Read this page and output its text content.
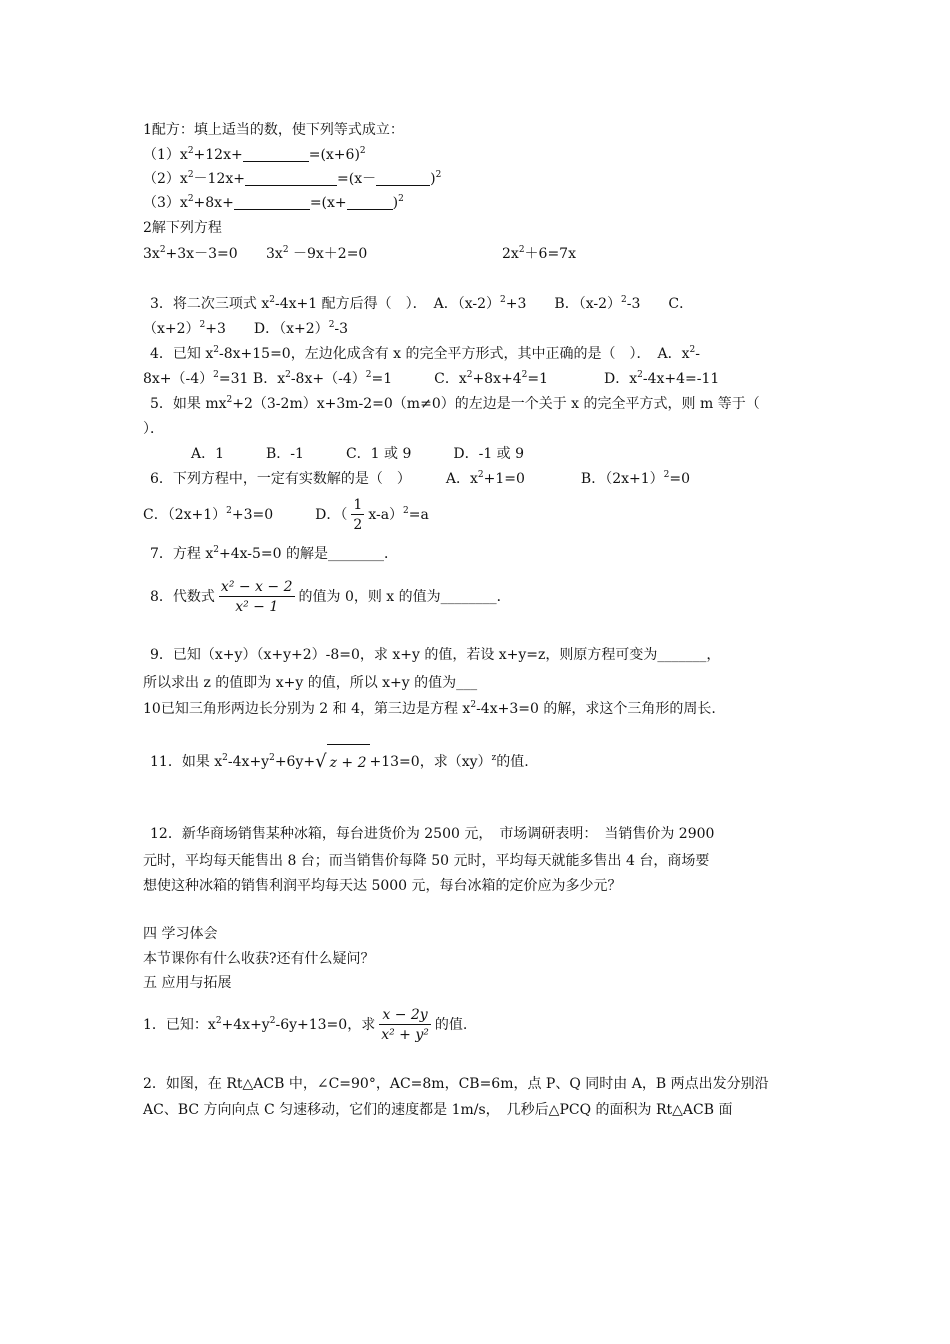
1配方：填上适当的数，使下列等式成立：
$(1)x^2+12x+$	$=(x+6)^2$
$(2)x^2-12x+$	=(x－	)$^2$
$(3)x^2+8x+$	=(x+	)$^2$
2解下列方程
$3x^2+3x-3=0$ $3x^2 -9x+2=0$	$2x^2+6=7x$
3．将二次三项式 $x^2-4x+1$ 配方后得（　）．　A．$(x-2)^2+3$　　B．$(x-2)^2-3$　　C．
$(x+2)^2+3$　　D．$(x+2)^2-3$
4．已知 $x^2-8x+15=0$，左边化成含有 x 的完全平方形式，其中正确的是（　）．　A．$x^2-$
$8x+(-4)^2=31$ B．$x^2-8x+(-4)^2=1$　　　C．$x^2+8x+4^2=1$　　　　D．$x^2-4x+4=-11$
5．如果 $mx^2+2(3-2m)x+3m-2=0(m\ne 0)$的左边是一个关于 x 的完全平方式，则 m 等于（
）．
A．1　　　B．-1　　　C．1 或 9　　　D．-1 或 9
6．下列方程中，一定有实数解的是（　）　　　A．$x^2+1=0$　　　　B．$(2x+1)^2=0$
C．$(2x+1)^2+3=0$　　　D．（ $\frac{1}{2} x-a)^2=a$
7．方程 $x^2+4x-5=0$ 的解是________．
8．代数式 $\frac{\text{x² − x − 2}}{\text{x² − 1}}$ 的值为 0，则 x 的值为________．
9．已知（x+y）（x+y+2）-8=0，求 x+y 的值，若设 x+y=z，则原方程可变为_______，
所以求出 z 的值即为 x+y 的值，所以 x+y 的值为___
10已知三角形两边长分别为 2 和 4，第三边是方程 $x^2-4x+3=0$ 的解，求这个三角形的周长.
11．如果 $x^2-4x+y^2+6y+√$ z + 2 +13=0，求（xy）$^z$的值.
12．新华商场销售某种冰箱，每台进货价为 2500 元，　市场调研表明：　当销售价为 2900
元时，平均每天能售出 8 台；而当销售价每降 50 元时，平均每天就能多售出 4 台，商场要
想使这种冰箱的销售利润平均每天达 5000 元，每台冰箱的定价应为多少元？
四 学习体会
本节课你有什么收获?还有什么疑问？
五 应用与拓展
1．已知：$x^2+4x+y^2-6y+13=0$，求 $\frac{x - 2y}{\text{x² + y²}}$ 的值.
2．如图，在 Rt△ACB 中，∠C=90°，AC=8m，CB=6m，点 P、Q 同时由 A，B 两点出发分别沿
AC、BC 方向向点 C 匀速移动，它们的速度都是 1m/s，　几秒后△PCQ 的面积为 Rt△ACB 面
